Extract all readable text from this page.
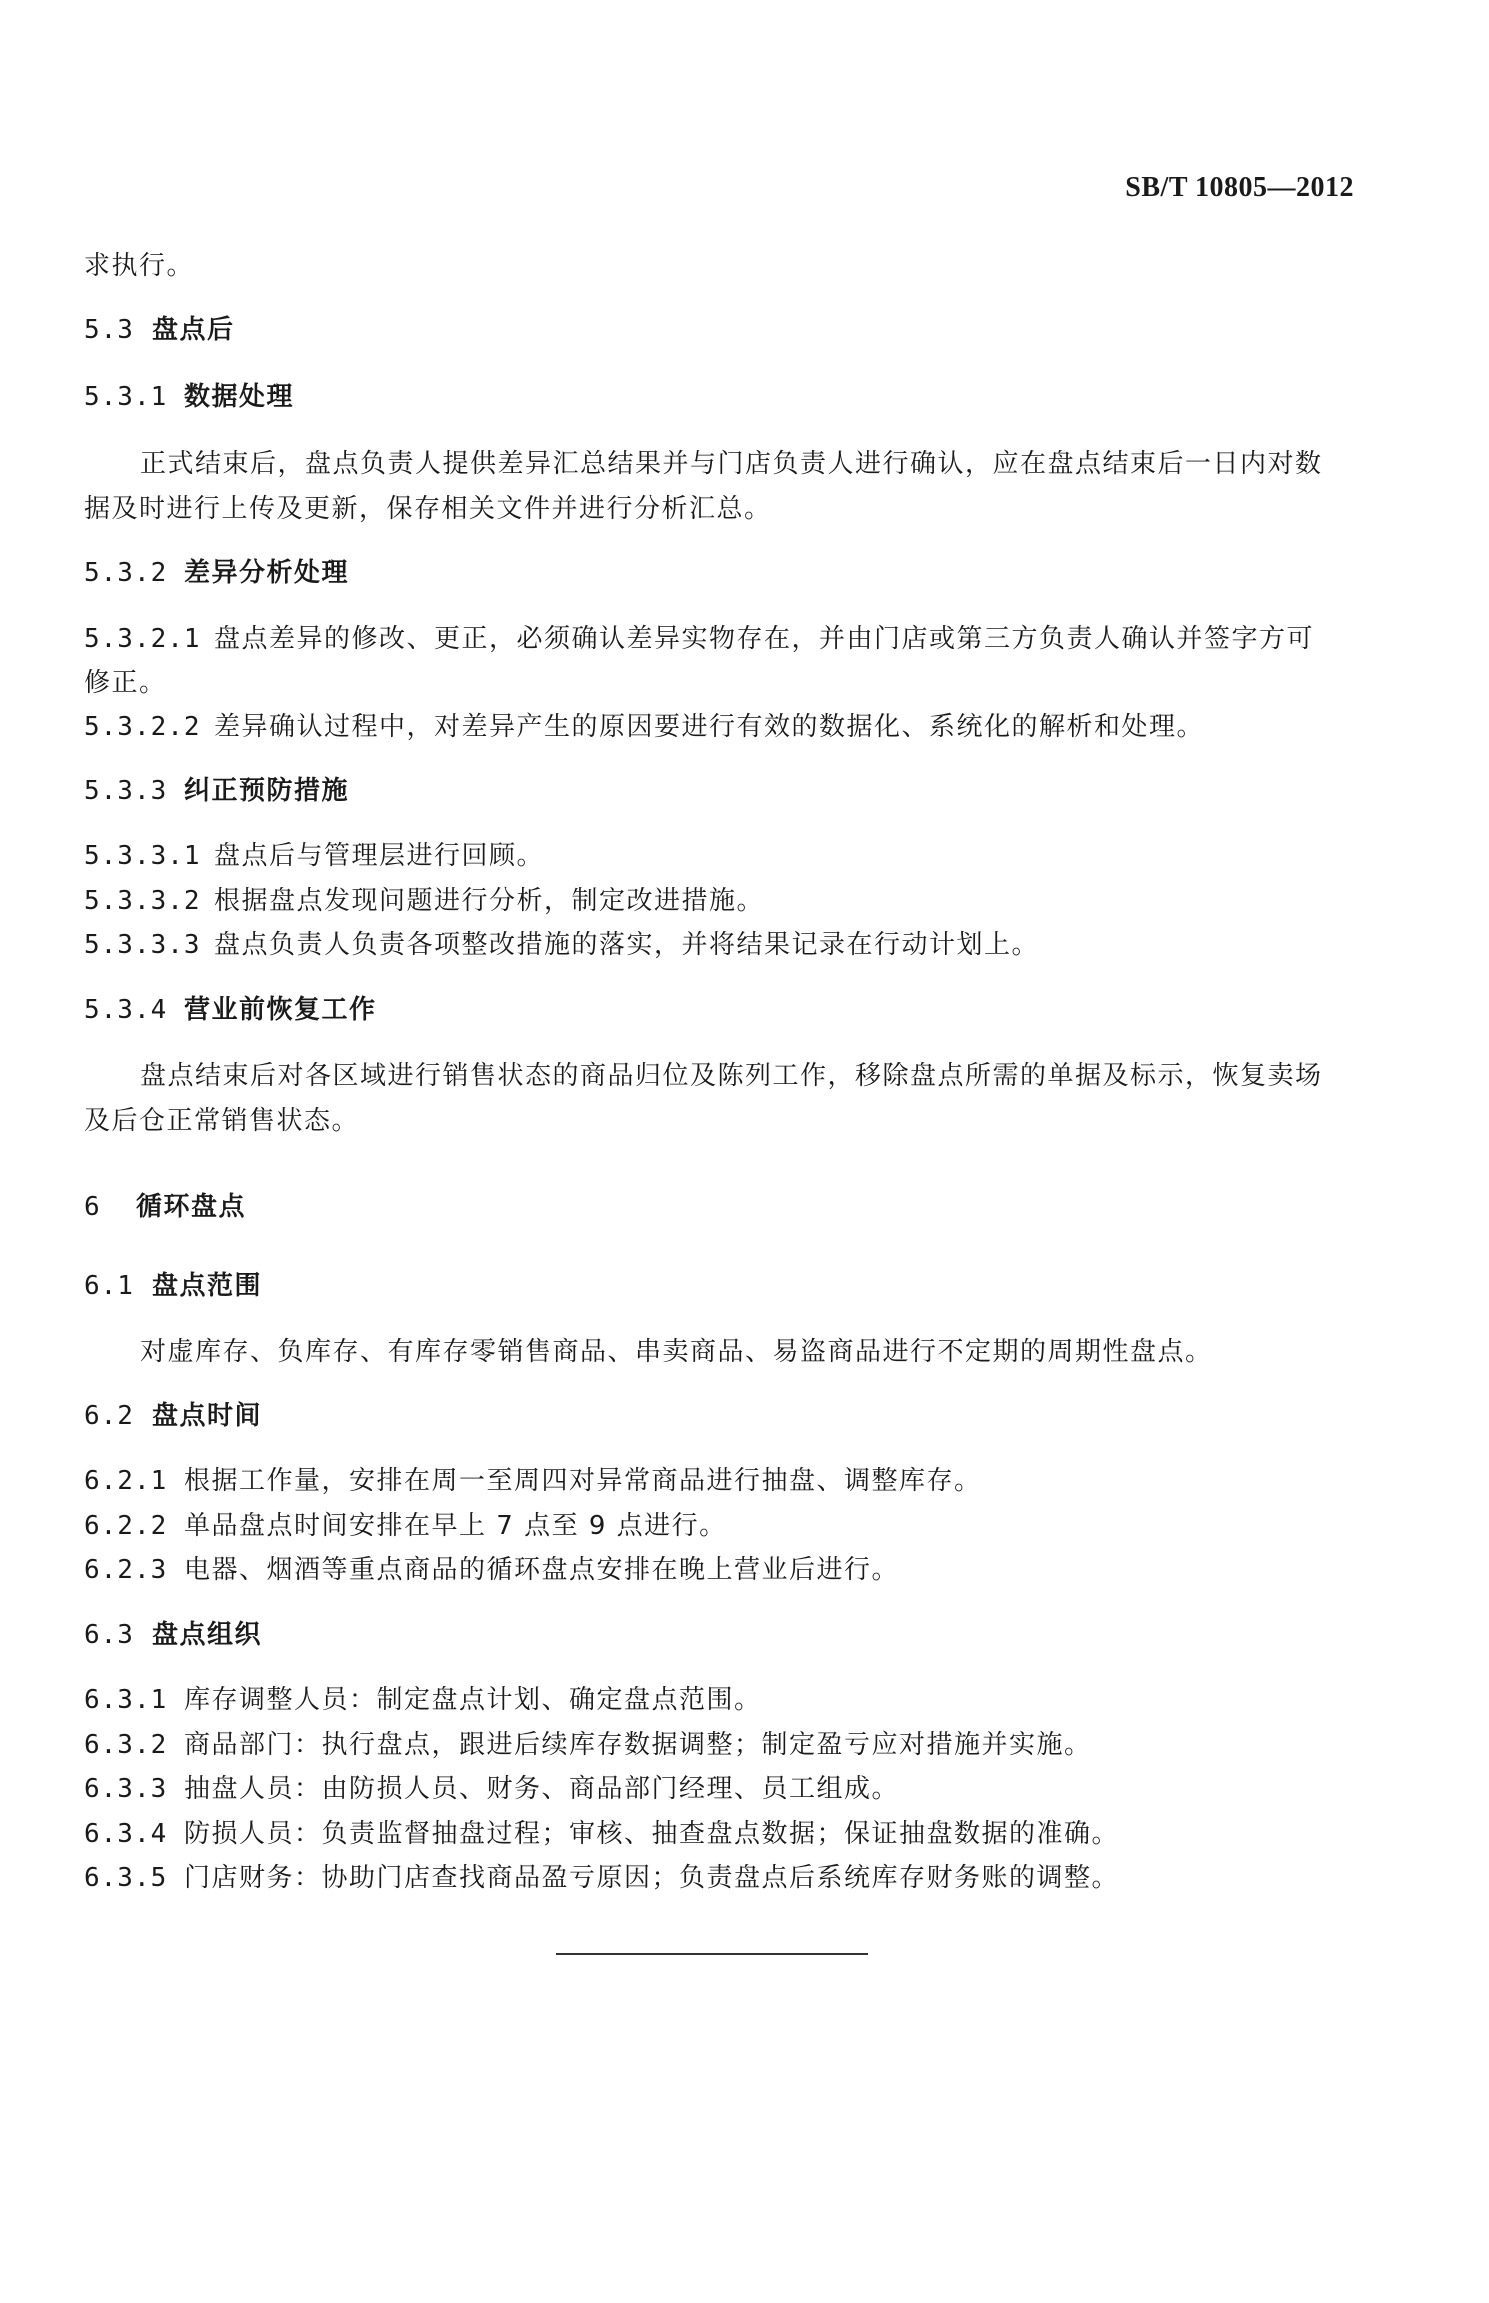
SB/T 10805—2012
求执行。
5.3 盘点后
5.3.1 数据处理
正式结束后，盘点负责人提供差异汇总结果并与门店负责人进行确认，应在盘点结束后一日内对数
据及时进行上传及更新，保存相关文件并进行分析汇总。
5.3.2 差异分析处理
5.3.2.1 盘点差异的修改、更正，必须确认差异实物存在，并由门店或第三方负责人确认并签字方可
修正。
5.3.2.2 差异确认过程中，对差异产生的原因要进行有效的数据化、系统化的解析和处理。
5.3.3 纠正预防措施
5.3.3.1 盘点后与管理层进行回顾。
5.3.3.2 根据盘点发现问题进行分析，制定改进措施。
5.3.3.3 盘点负责人负责各项整改措施的落实，并将结果记录在行动计划上。
5.3.4 营业前恢复工作
盘点结束后对各区域进行销售状态的商品归位及陈列工作，移除盘点所需的单据及标示，恢复卖场
及后仓正常销售状态。
6 循环盘点
6.1 盘点范围
对虚库存、负库存、有库存零销售商品、串卖商品、易盗商品进行不定期的周期性盘点。
6.2 盘点时间
6.2.1 根据工作量，安排在周一至周四对异常商品进行抽盘、调整库存。
6.2.2 单品盘点时间安排在早上 7 点至 9 点进行。
6.2.3 电器、烟酒等重点商品的循环盘点安排在晚上营业后进行。
6.3 盘点组织
6.3.1 库存调整人员：制定盘点计划、确定盘点范围。
6.3.2 商品部门：执行盘点，跟进后续库存数据调整；制定盈亏应对措施并实施。
6.3.3 抽盘人员：由防损人员、财务、商品部门经理、员工组成。
6.3.4 防损人员：负责监督抽盘过程；审核、抽查盘点数据；保证抽盘数据的准确。
6.3.5 门店财务：协助门店查找商品盈亏原因；负责盘点后系统库存财务账的调整。
